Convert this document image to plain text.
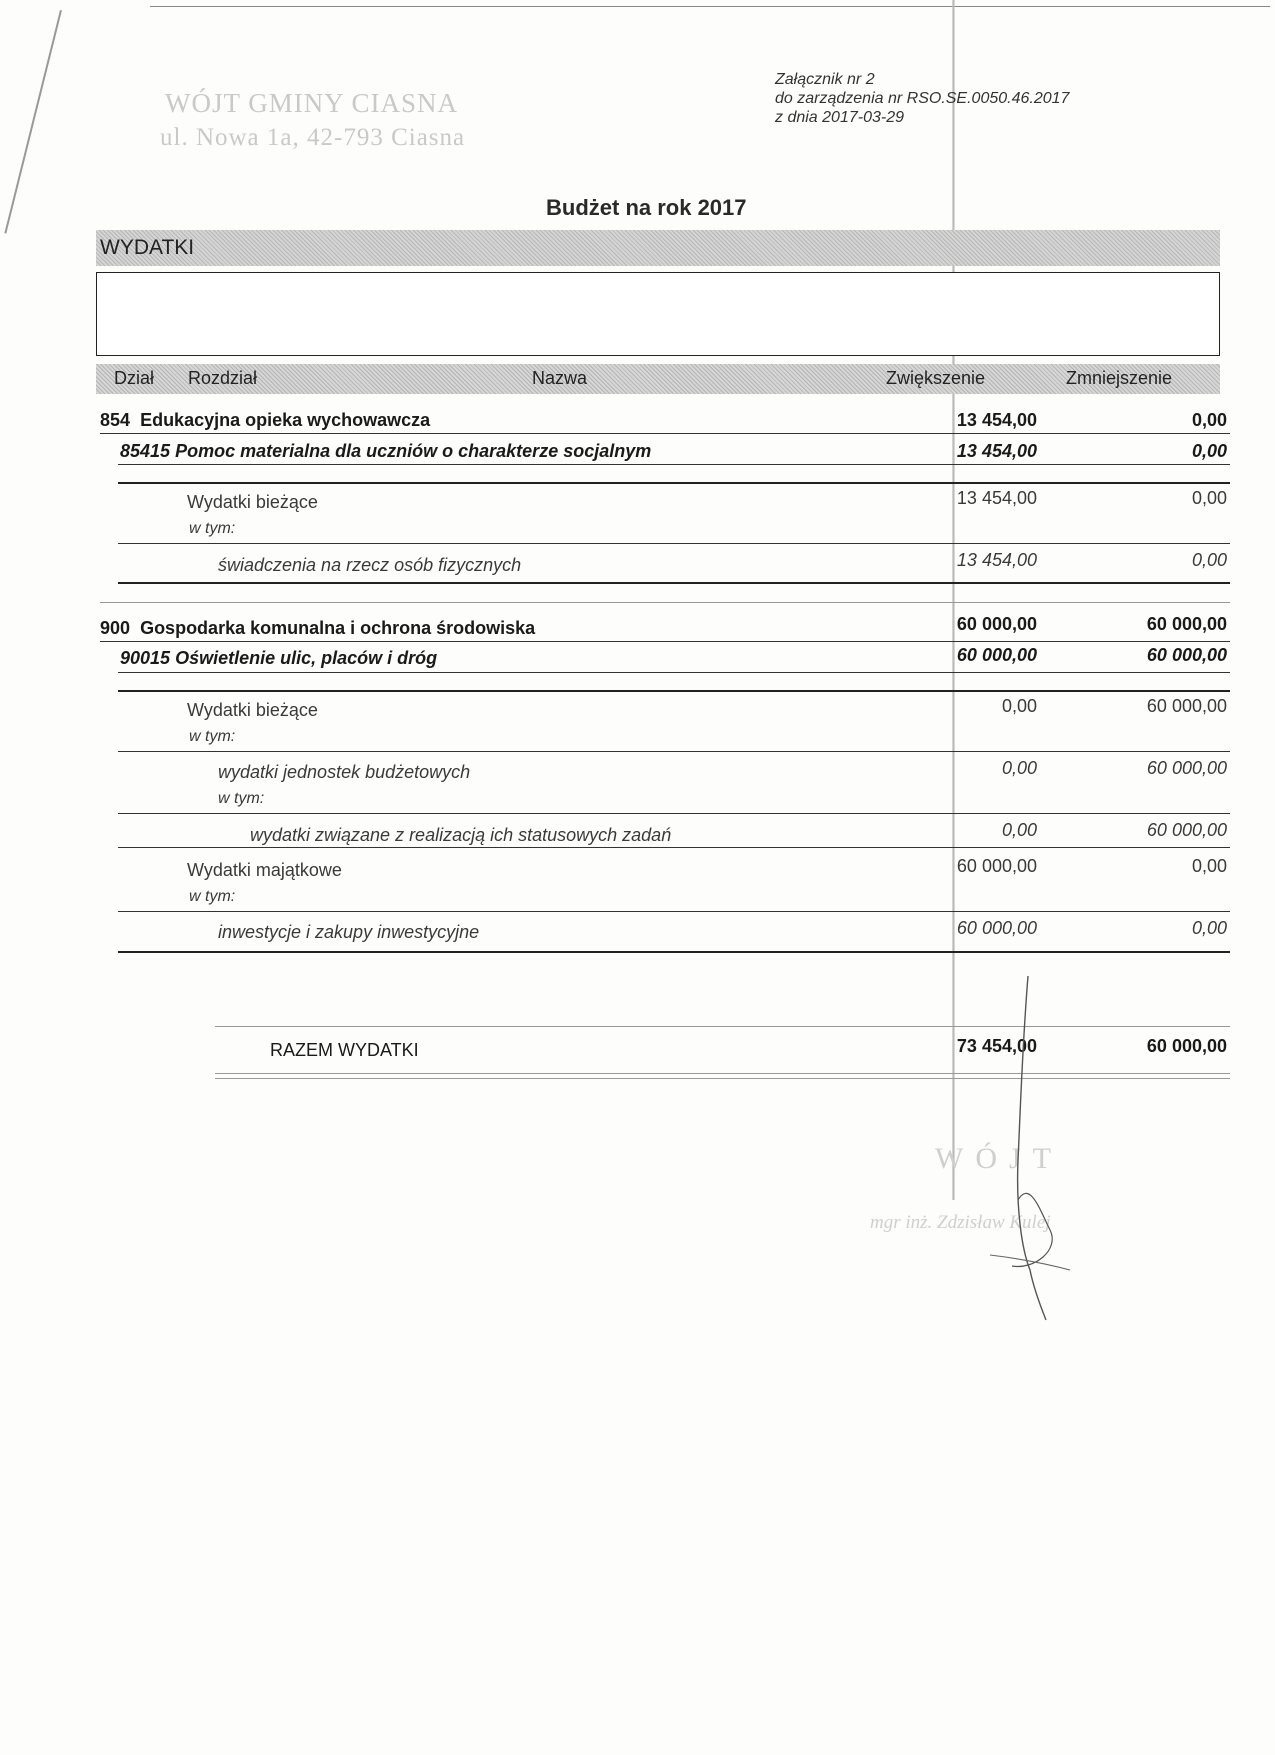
WÓJT GMINY CIASNA
ul. Nowa 1a, 42-793 Ciasna
Załącznik nr 2
do zarządzenia nr RSO.SE.0050.46.2017
z dnia 2017-03-29
Budżet na rok 2017
WYDATKI
Dział Rozdział	Nazwa	Zwiększenie	Zmniejszenie
854 Edukacyjna opieka wychowawcza	13 454,00	0,00
85415 Pomoc materialna dla uczniów o charakterze socjalnym	13 454,00	0,00
Wydatki bieżące	13 454,00	0,00
w tym:
świadczenia na rzecz osób fizycznych	13 454,00	0,00
900 Gospodarka komunalna i ochrona środowiska	60 000,00	60 000,00
90015 Oświetlenie ulic, placów i dróg	60 000,00	60 000,00
Wydatki bieżące	0,00	60 000,00
w tym:
wydatki jednostek budżetowych	0,00	60 000,00
w tym:
wydatki związane z realizacją ich statusowych zadań	0,00	60 000,00
Wydatki majątkowe	60 000,00	0,00
w tym:
inwestycje i zakupy inwestycyjne	60 000,00	0,00
RAZEM WYDATKI	73 454,00	60 000,00
WÓJT
mgr inż. Zdzisław Kulej
